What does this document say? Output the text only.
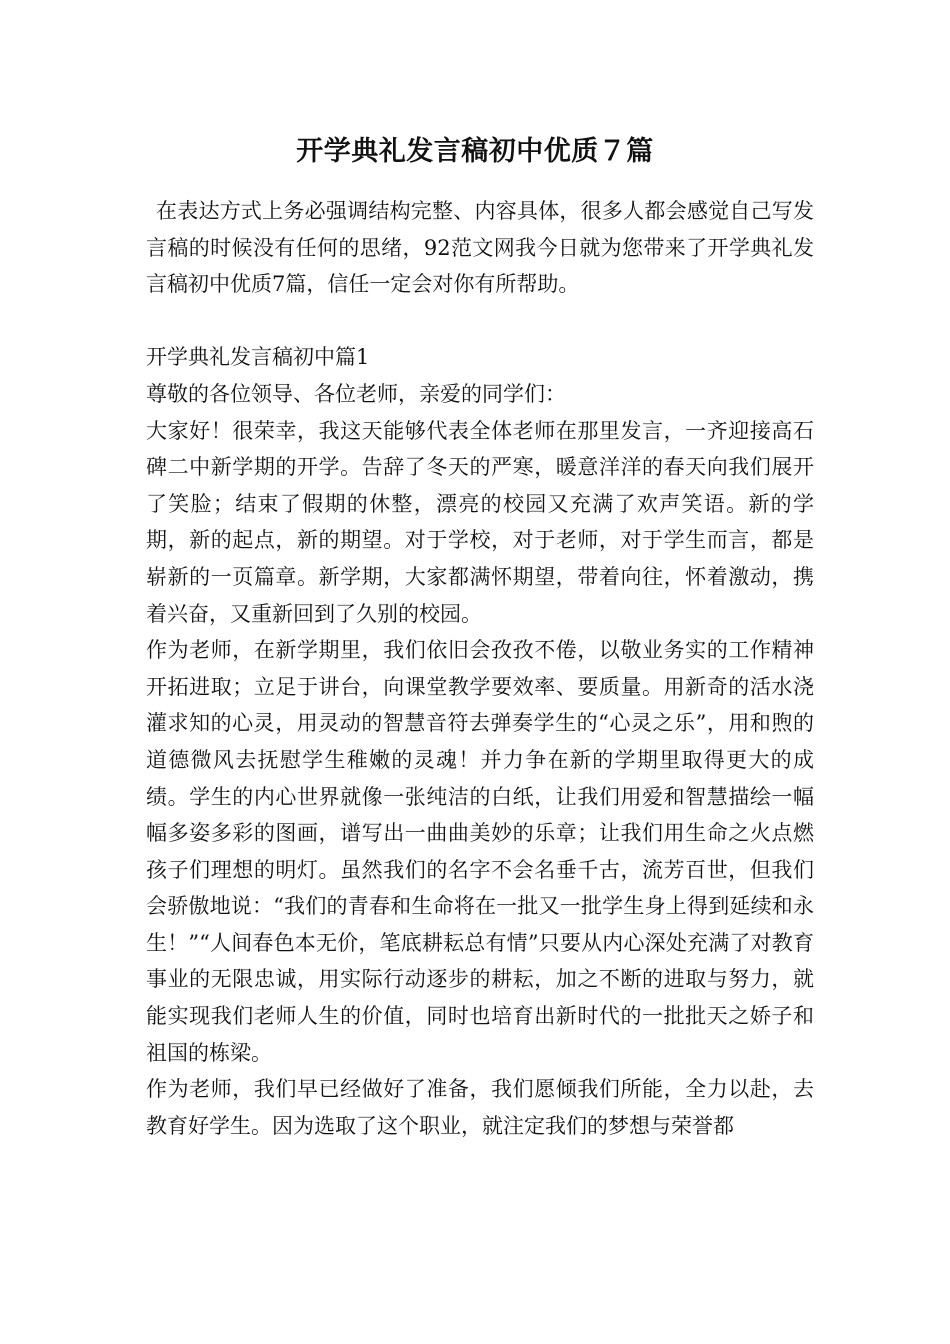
开学典礼发言稿初中优质７篇

在表达方式上务必强调结构完整、内容具体，很多人都会感觉自己写发言稿的时候没有任何的思绪，92范文网我今日就为您带来了开学典礼发言稿初中优质7篇，信任一定会对你有所帮助。

开学典礼发言稿初中篇1

尊敬的各位领导、各位老师，亲爱的同学们：

大家好！很荣幸，我这天能够代表全体老师在那里发言，一齐迎接高石碑二中新学期的开学。告辞了冬天的严寒，暖意洋洋的春天向我们展开了笑脸；结束了假期的休整，漂亮的校园又充满了欢声笑语。新的学期，新的起点，新的期望。对于学校，对于老师，对于学生而言，都是崭新的一页篇章。新学期，大家都满怀期望，带着向往，怀着激动，携着兴奋，又重新回到了久别的校园。

作为老师，在新学期里，我们依旧会孜孜不倦，以敬业务实的工作精神开拓进取；立足于讲台，向课堂教学要效率、要质量。用新奇的活水浇灌求知的心灵，用灵动的智慧音符去弹奏学生的“心灵之乐”，用和煦的道德微风去抚慰学生稚嫩的灵魂！并力争在新的学期里取得更大的成绩。学生的内心世界就像一张纯洁的白纸，让我们用爱和智慧描绘一幅幅多姿多彩的图画，谱写出一曲曲美妙的乐章；让我们用生命之火点燃孩子们理想的明灯。虽然我们的名字不会名垂千古，流芳百世，但我们会骄傲地说：“我们的青春和生命将在一批又一批学生身上得到延续和永生！”“人间春色本无价，笔底耕耘总有情”只要从内心深处充满了对教育事业的无限忠诚，用实际行动逐步的耕耘，加之不断的进取与努力，就能实现我们老师人生的价值，同时也培育出新时代的一批批天之娇子和祖国的栋梁。

作为老师，我们早已经做好了准备，我们愿倾我们所能，全力以赴，去教育好学生。因为选取了这个职业，就注定我们的梦想与荣誉都
